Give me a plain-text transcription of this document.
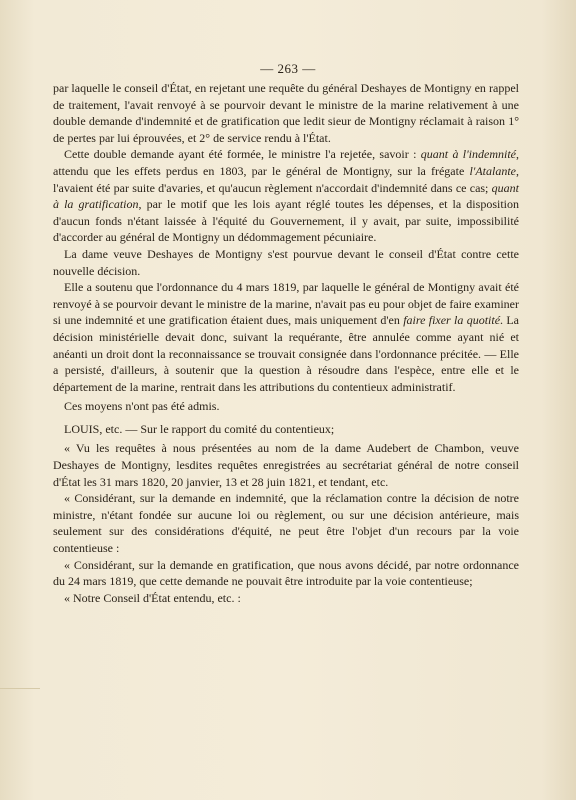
— 263 —

par laquelle le conseil d'État, en rejetant une requête du général Deshayes de Montigny en rappel de traitement, l'avait renvoyé à se pourvoir devant le ministre de la marine relativement à une double demande d'indemnité et de gratification que ledit sieur de Montigny réclamait à raison 1° de pertes par lui éprouvées, et 2° de service rendu à l'État.

Cette double demande ayant été formée, le ministre l'a rejetée, savoir : quant à l'indemnité, attendu que les effets perdus en 1803, par le général de Montigny, sur la frégate l'Atalante, l'avaient été par suite d'avaries, et qu'aucun règlement n'accordait d'indemnité dans ce cas; quant à la gratification, par le motif que les lois ayant réglé toutes les dépenses, et la disposition d'aucun fonds n'étant laissée à l'équité du Gouvernement, il y avait, par suite, impossibilité d'accorder au général de Montigny un dédommagement pécuniaire.

La dame veuve Deshayes de Montigny s'est pourvue devant le conseil d'État contre cette nouvelle décision.

Elle a soutenu que l'ordonnance du 4 mars 1819, par laquelle le général de Montigny avait été renvoyé à se pourvoir devant le ministre de la marine, n'avait pas eu pour objet de faire examiner si une indemnité et une gratification étaient dues, mais uniquement d'en faire fixer la quotité. La décision ministérielle devait donc, suivant la requérante, être annulée comme ayant nié et anéanti un droit dont la reconnaissance se trouvait consignée dans l'ordonnance précitée. — Elle a persisté, d'ailleurs, à soutenir que la question à résoudre dans l'espèce, entre elle et le département de la marine, rentrait dans les attributions du contentieux administratif.

Ces moyens n'ont pas été admis.

LOUIS, etc. — Sur le rapport du comité du contentieux;

« Vu les requêtes à nous présentées au nom de la dame Audebert de Chambon, veuve Deshayes de Montigny, lesdites requêtes enregistrées au secrétariat général de notre conseil d'État les 31 mars 1820, 20 janvier, 13 et 28 juin 1821, et tendant, etc.

« Considérant, sur la demande en indemnité, que la réclamation contre la décision de notre ministre, n'étant fondée sur aucune loi ou règlement, ou sur une décision antérieure, mais seulement sur des considérations d'équité, ne peut être l'objet d'un recours par la voie contentieuse :

« Considérant, sur la demande en gratification, que nous avons décidé, par notre ordonnance du 24 mars 1819, que cette demande ne pouvait être introduite par la voie contentieuse;

« Notre Conseil d'État entendu, etc. :
